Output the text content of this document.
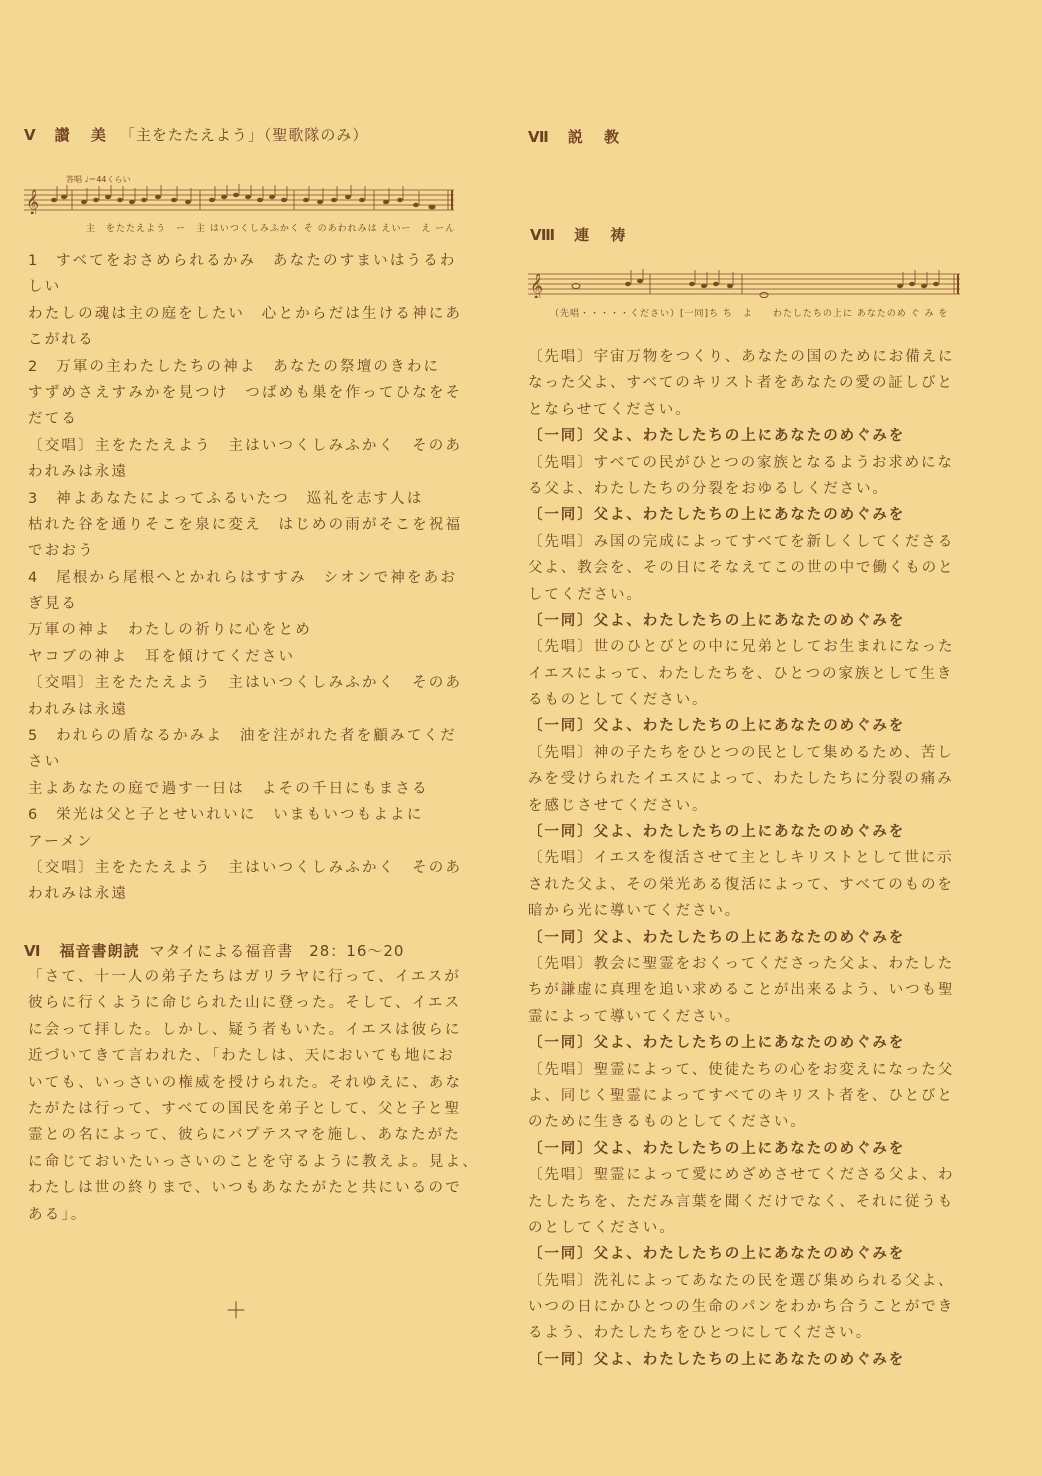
Ⅴ 讃 美 「主をたたえよう」（聖歌隊のみ）
答唱 ♩＝44くらい
𝄞
主　をたたえよう　ー　主 はいつくしみふかく そ のあわれみは えいー　え ーん
1　すべてをおさめられるかみ　あなたのすまいはうるわ
しい
わたしの魂は主の庭をしたい　心とからだは生ける神にあ
こがれる
2　万軍の主わたしたちの神よ　あなたの祭壇のきわに
すずめさえすみかを見つけ　つばめも巣を作ってひなをそ
だてる
〔交唱〕主をたたえよう　主はいつくしみふかく　そのあ
われみは永遠
3　神よあなたによってふるいたつ　巡礼を志す人は
枯れた谷を通りそこを泉に変え　はじめの雨がそこを祝福
でおおう
4　尾根から尾根へとかれらはすすみ　シオンで神をあお
ぎ見る
万軍の神よ　わたしの祈りに心をとめ
ヤコブの神よ　耳を傾けてください
〔交唱〕主をたたえよう　主はいつくしみふかく　そのあ
われみは永遠
5　われらの盾なるかみよ　油を注がれた者を顧みてくだ
さい
主よあなたの庭で過す一日は　よその千日にもまさる
6　栄光は父と子とせいれいに　いまもいつもよよに
アーメン
〔交唱〕主をたたえよう　主はいつくしみふかく　そのあ
われみは永遠
Ⅵ 福音書朗読 マタイによる福音書　28：16～20
「さて、十一人の弟子たちはガリラヤに行って、イエスが
彼らに行くように命じられた山に登った。そして、イエス
に会って拝した。しかし、疑う者もいた。イエスは彼らに
近づいてきて言われた、「わたしは、天においても地にお
いても、いっさいの権威を授けられた。それゆえに、あな
たがたは行って、すべての国民を弟子として、父と子と聖
霊との名によって、彼らにバプテスマを施し、あなたがた
に命じておいたいっさいのことを守るように教えよ。見よ、
わたしは世の終りまで、いつもあなたがたと共にいるので
ある」。
＋
Ⅶ 説 教
Ⅷ 連 祷
𝄞
（先唱・・・・・ください）[一同]ち ち　よ　　わたしたちの上に あなたのめ ぐ み を
〔先唱〕宇宙万物をつくり、あなたの国のためにお備えに
なった父よ、すべてのキリスト者をあなたの愛の証しびと
とならせてください。
〔一同〕父よ、わたしたちの上にあなたのめぐみを
〔先唱〕すべての民がひとつの家族となるようお求めにな
る父よ、わたしたちの分裂をおゆるしください。
〔一同〕父よ、わたしたちの上にあなたのめぐみを
〔先唱〕み国の完成によってすべてを新しくしてくださる
父よ、教会を、その日にそなえてこの世の中で働くものと
してください。
〔一同〕父よ、わたしたちの上にあなたのめぐみを
〔先唱〕世のひとびとの中に兄弟としてお生まれになった
イエスによって、わたしたちを、ひとつの家族として生き
るものとしてください。
〔一同〕父よ、わたしたちの上にあなたのめぐみを
〔先唱〕神の子たちをひとつの民として集めるため、苦し
みを受けられたイエスによって、わたしたちに分裂の痛み
を感じさせてください。
〔一同〕父よ、わたしたちの上にあなたのめぐみを
〔先唱〕イエスを復活させて主としキリストとして世に示
された父よ、その栄光ある復活によって、すべてのものを
暗から光に導いてください。
〔一同〕父よ、わたしたちの上にあなたのめぐみを
〔先唱〕教会に聖霊をおくってくださった父よ、わたした
ちが謙虚に真理を追い求めることが出来るよう、いつも聖
霊によって導いてください。
〔一同〕父よ、わたしたちの上にあなたのめぐみを
〔先唱〕聖霊によって、使徒たちの心をお変えになった父
よ、同じく聖霊によってすべてのキリスト者を、ひとびと
のために生きるものとしてください。
〔一同〕父よ、わたしたちの上にあなたのめぐみを
〔先唱〕聖霊によって愛にめざめさせてくださる父よ、わ
たしたちを、ただみ言葉を聞くだけでなく、それに従うも
のとしてください。
〔一同〕父よ、わたしたちの上にあなたのめぐみを
〔先唱〕洗礼によってあなたの民を選び集められる父よ、
いつの日にかひとつの生命のパンをわかち合うことができ
るよう、わたしたちをひとつにしてください。
〔一同〕父よ、わたしたちの上にあなたのめぐみを
